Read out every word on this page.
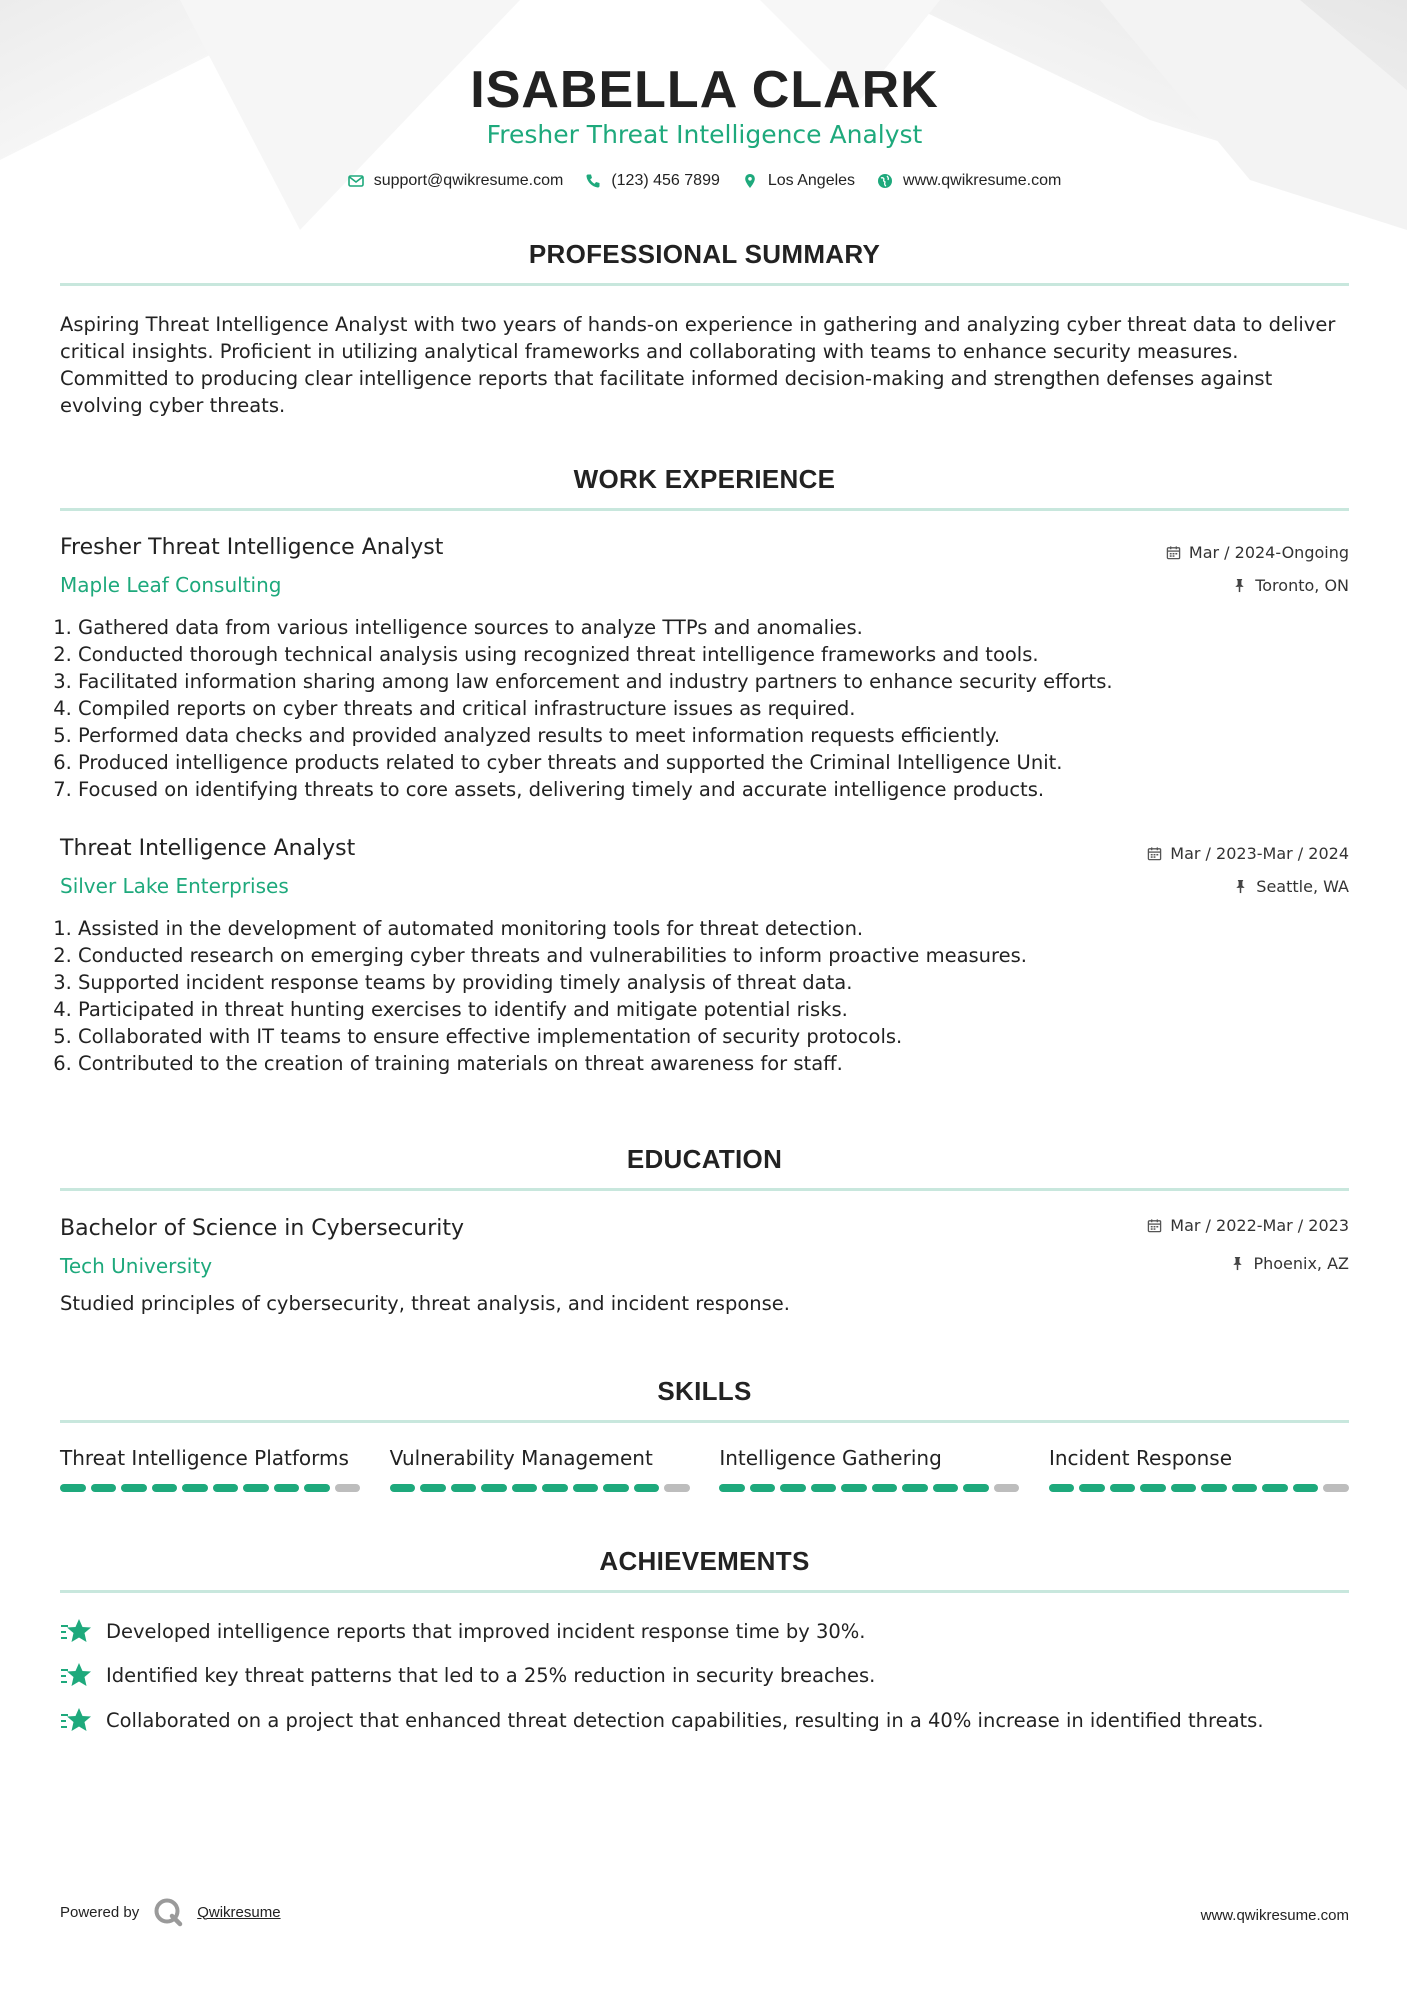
ISABELLA CLARK
Fresher Threat Intelligence Analyst
support@qwikresume.com	(123) 456 7899	Los Angeles	www.qwikresume.com
PROFESSIONAL SUMMARY

Aspiring Threat Intelligence Analyst with two years of hands-on experience in gathering and analyzing cyber threat data to deliver critical insights. Proficient in utilizing analytical frameworks and collaborating with teams to enhance security measures. Committed to producing clear intelligence reports that facilitate informed decision-making and strengthen defenses against evolving cyber threats.

WORK EXPERIENCE
Fresher Threat Intelligence Analyst	Mar / 2024-Ongoing
Maple Leaf Consulting	Toronto, ON
1. Gathered data from various intelligence sources to analyze TTPs and anomalies.
2. Conducted thorough technical analysis using recognized threat intelligence frameworks and tools.
3. Facilitated information sharing among law enforcement and industry partners to enhance security efforts.
4. Compiled reports on cyber threats and critical infrastructure issues as required.
5. Performed data checks and provided analyzed results to meet information requests efficiently.
6. Produced intelligence products related to cyber threats and supported the Criminal Intelligence Unit.
7. Focused on identifying threats to core assets, delivering timely and accurate intelligence products.
Threat Intelligence Analyst	Mar / 2023-Mar / 2024
Silver Lake Enterprises	Seattle, WA
1. Assisted in the development of automated monitoring tools for threat detection.
2. Conducted research on emerging cyber threats and vulnerabilities to inform proactive measures.
3. Supported incident response teams by providing timely analysis of threat data.
4. Participated in threat hunting exercises to identify and mitigate potential risks.
5. Collaborated with IT teams to ensure effective implementation of security protocols.
6. Contributed to the creation of training materials on threat awareness for staff.
EDUCATION
Bachelor of Science in Cybersecurity	Mar / 2022-Mar / 2023
Tech University	Phoenix, AZ

Studied principles of cybersecurity, threat analysis, and incident response.

SKILLS
Threat Intelligence Platforms	Vulnerability Management	Intelligence Gathering	Incident Response
ACHIEVEMENTS
Developed intelligence reports that improved incident response time by 30%.
Identified key threat patterns that led to a 25% reduction in security breaches.
Collaborated on a project that enhanced threat detection capabilities, resulting in a 40% increase in identified threats.
Powered by	Qwikresume	www.qwikresume.com
